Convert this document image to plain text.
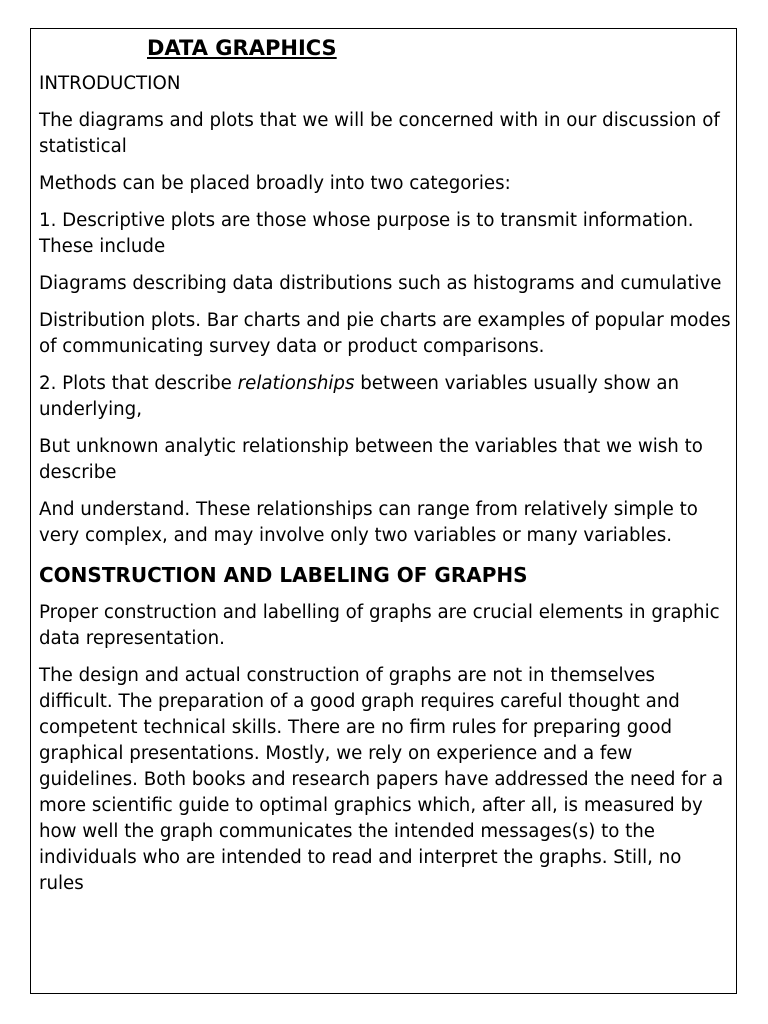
DATA GRAPHICS

INTRODUCTION

The diagrams and plots that we will be concerned with in our discussion of statistical

Methods can be placed broadly into two categories:

1. Descriptive plots are those whose purpose is to transmit information. These include

Diagrams describing data distributions such as histograms and cumulative

Distribution plots. Bar charts and pie charts are examples of popular modes of communicating survey data or product comparisons.

2. Plots that describe relationships between variables usually show an underlying,

But unknown analytic relationship between the variables that we wish to describe

And understand. These relationships can range from relatively simple to very complex, and may involve only two variables or many variables.

CONSTRUCTION AND LABELING OF GRAPHS

Proper construction and labelling of graphs are crucial elements in graphic data representation.

The design and actual construction of graphs are not in themselves difficult. The preparation of a good graph requires careful thought and competent technical skills. There are no firm rules for preparing good graphical presentations. Mostly, we rely on experience and a few guidelines. Both books and research papers have addressed the need for a more scientific guide to optimal graphics which, after all, is measured by how well the graph communicates the intended messages(s) to the individuals who are intended to read and interpret the graphs. Still, no rules
